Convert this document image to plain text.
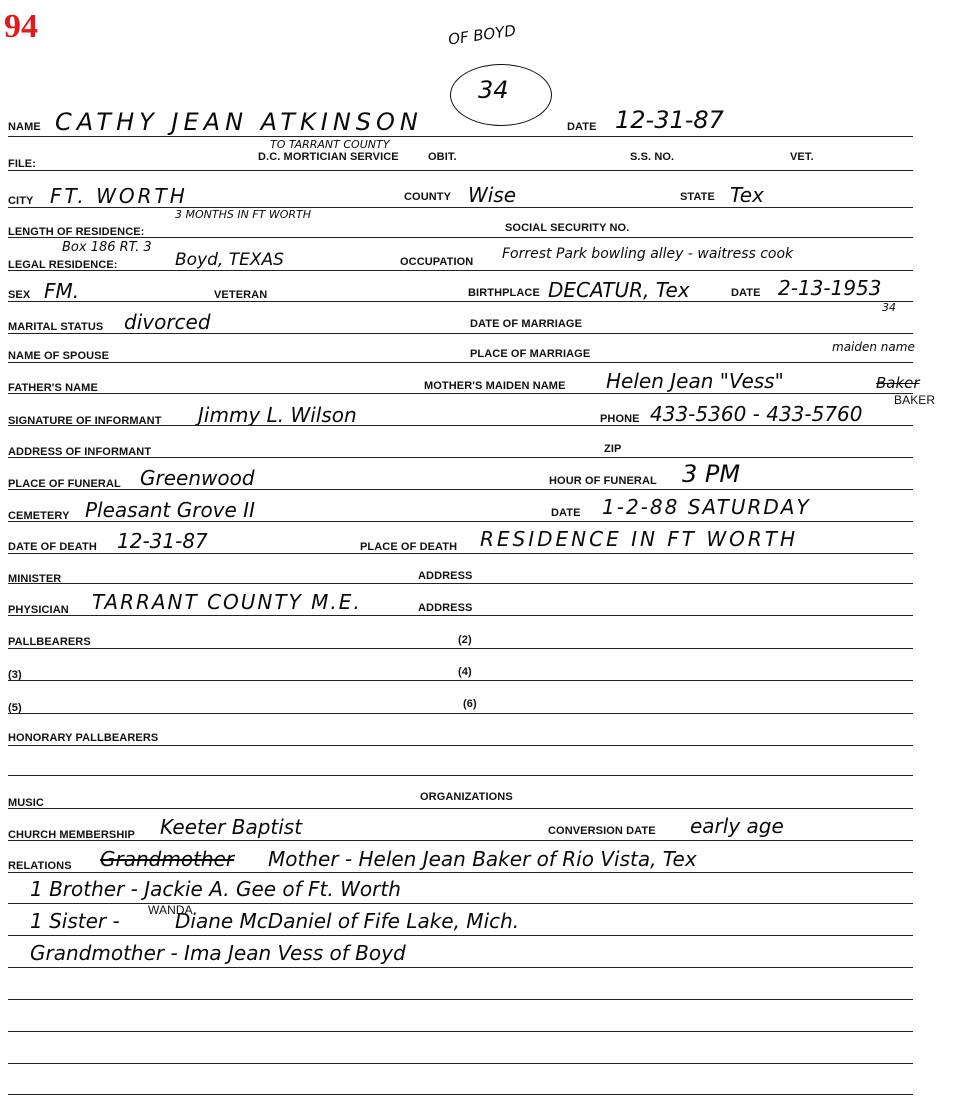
94	OF BOYD
34
NAME CATHY JEAN ATKINSON	DATE 12-31-87
TO TARRANT COUNTY
FILE:
D.C. MORTICIAN SERVICE	OBIT.	S.S. NO.	VET.
CITY FT. WORTH	COUNTY Wise	STATE Tex
3 MONTHS IN FT WORTH
LENGTH OF RESIDENCE:	SOCIAL SECURITY NO.
Box 186 RT. 3
LEGAL RESIDENCE:	Boyd, TEXAS	OCCUPATION Forrest Park bowling alley - waitress cook
SEX FM.	VETERAN	BIRTHPLACE DECATUR, Tex	DATE 2-13-1953
34
MARITAL STATUS divorced	DATE OF MARRIAGE
NAME OF SPOUSE	PLACE OF MARRIAGE	maiden name
FATHER'S NAME	MOTHER'S MAIDEN NAME Helen Jean "Vess"	Baker
BAKER
SIGNATURE OF INFORMANT Jimmy L. Wilson	PHONE 433-5360 - 433-5760
ADDRESS OF INFORMANT	ZIP
PLACE OF FUNERAL Greenwood	HOUR OF FUNERAL 3 PM
CEMETERY Pleasant Grove II	DATE 1-2-88 SATURDAY
DATE OF DEATH 12-31-87	PLACE OF DEATH RESIDENCE IN FT WORTH
MINISTER	ADDRESS
PHYSICIAN TARRANT COUNTY M.E.	ADDRESS
PALLBEARERS	(2)
(3)	(4)
(5)	(6)
HONORARY PALLBEARERS
MUSIC	ORGANIZATIONS
CHURCH MEMBERSHIP Keeter Baptist	CONVERSION DATE early age
RELATIONS Grandmother Mother - Helen Jean Baker of Rio Vista, Tex
1 Brother - Jackie A. Gee of Ft. Worth
1 Sister - WANDA
Diane McDaniel of Fife Lake, Mich.
Grandmother - Ima Jean Vess of Boyd
